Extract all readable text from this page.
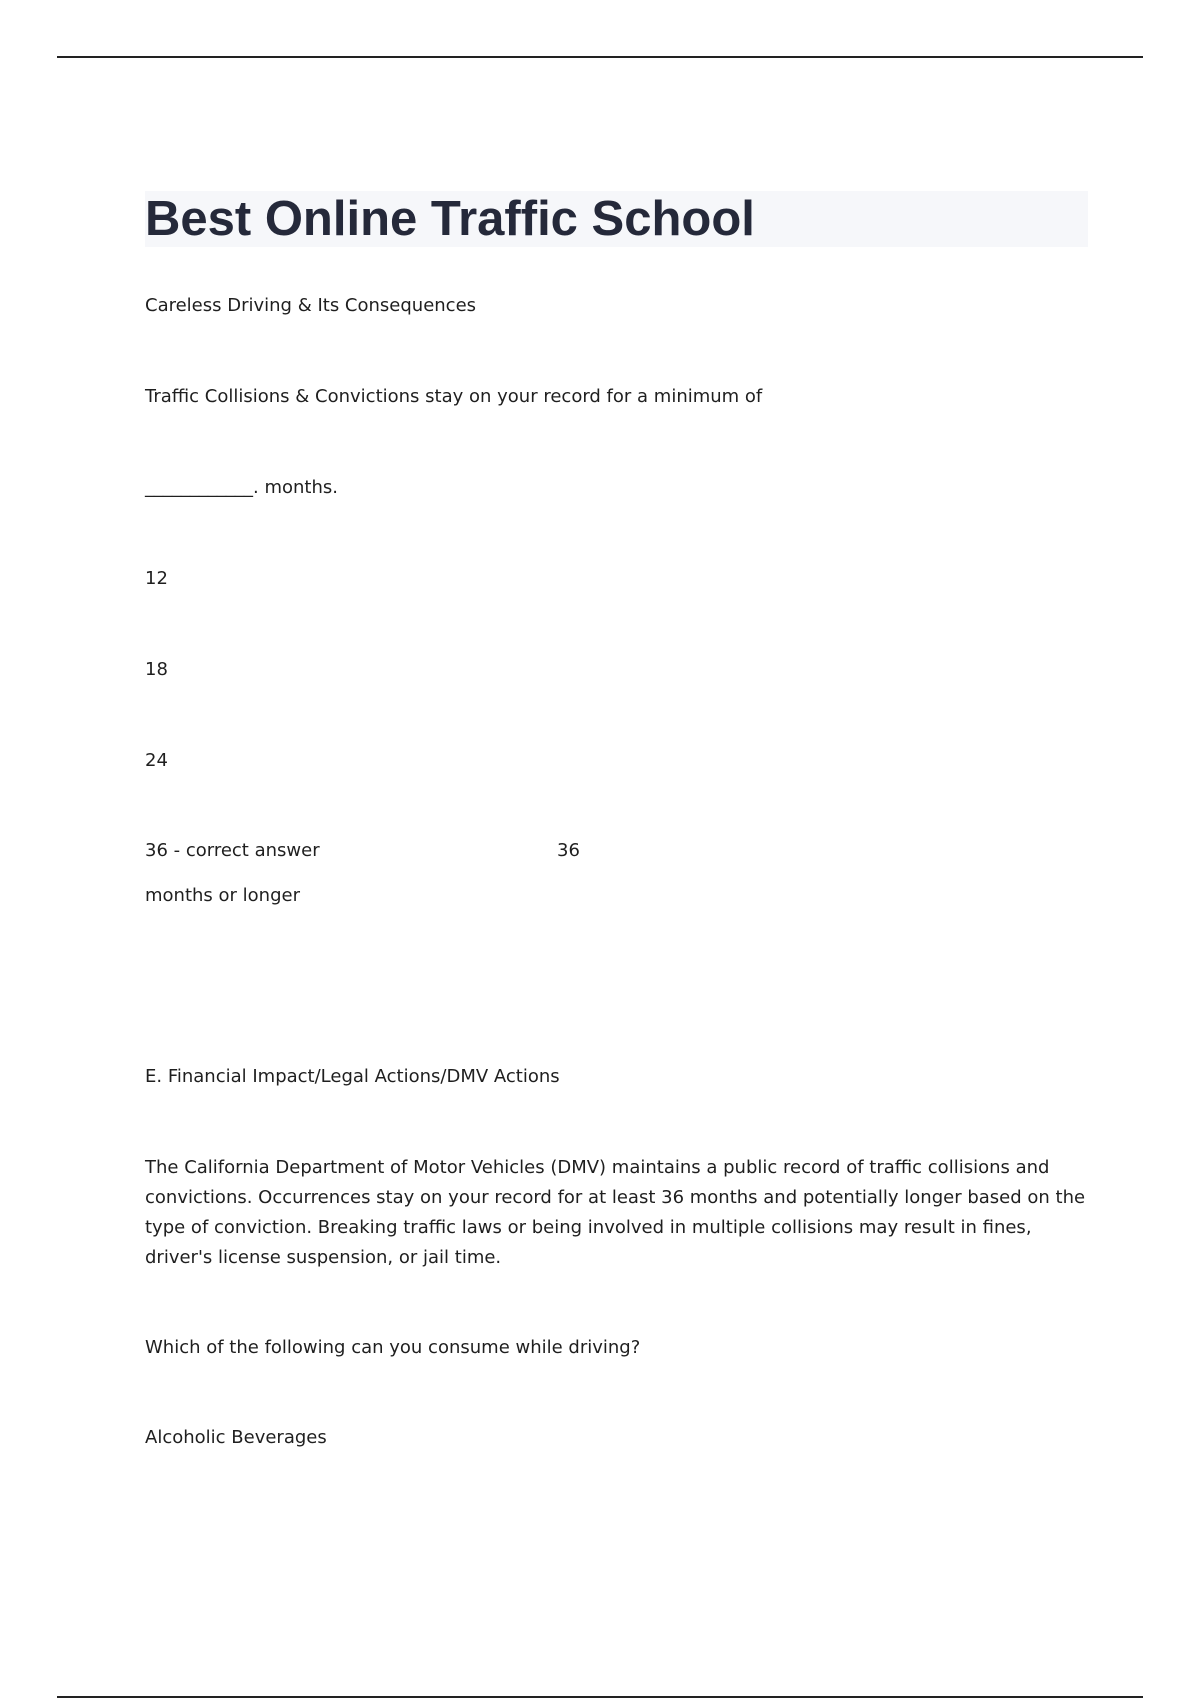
Best Online Traffic School

Careless Driving & Its Consequences

Traffic Collisions & Convictions stay on your record for a minimum of

____________. months.

12

18

24

36 - correct answer	36

months or longer

E. Financial Impact/Legal Actions/DMV Actions

The California Department of Motor Vehicles (DMV) maintains a public record of traffic collisions and convictions. Occurrences stay on your record for at least 36 months and potentially longer based on the type of conviction. Breaking traffic laws or being involved in multiple collisions may result in fines, driver's license suspension, or jail time.

Which of the following can you consume while driving?

Alcoholic Beverages
